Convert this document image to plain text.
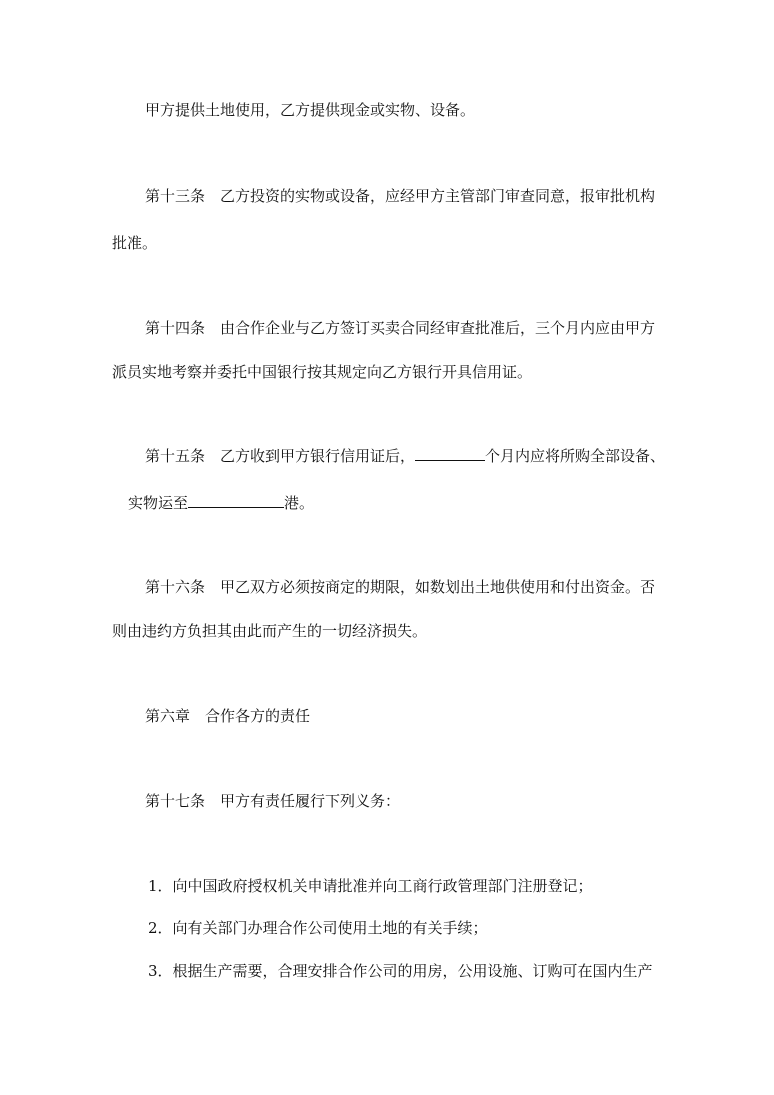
甲方提供土地使用，乙方提供现金或实物、设备。
第十三条　乙方投资的实物或设备，应经甲方主管部门审查同意，报审批机构
批准。
第十四条　由合作企业与乙方签订买卖合同经审查批准后，三个月内应由甲方
派员实地考察并委托中国银行按其规定向乙方银行开具信用证。
第十五条　乙方收到甲方银行信用证后，	个月内应将所购全部设备、
实物运至	港。
第十六条　甲乙双方必须按商定的期限，如数划出土地供使用和付出资金。否
则由违约方负担其由此而产生的一切经济损失。
第六章　合作各方的责任
第十七条　甲方有责任履行下列义务：
1．向中国政府授权机关申请批准并向工商行政管理部门注册登记；
2．向有关部门办理合作公司使用土地的有关手续；
3．根据生产需要，合理安排合作公司的用房，公用设施、订购可在国内生产
